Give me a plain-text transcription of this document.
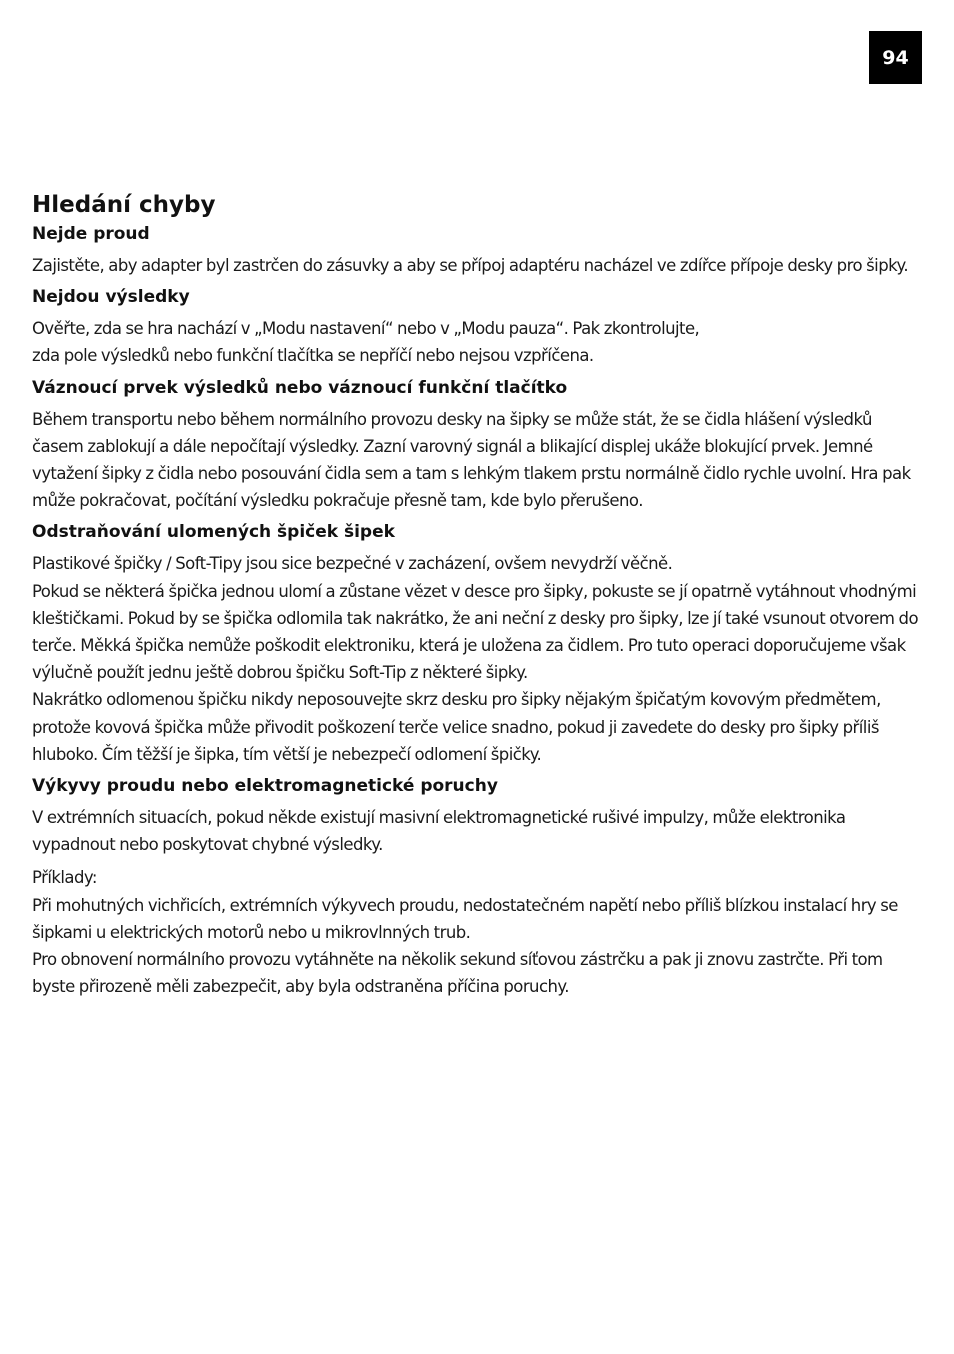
94
Hledání chyby
Nejde proud

Zajistěte, aby adapter byl zastrčen do zásuvky a aby se přípoj adaptéru nacházel ve zdířce přípoje desky pro šipky.

Nejdou výsledky

Ověřte, zda se hra nachází v „Modu nastavení“ nebo v „Modu pauza“. Pak zkontrolujte,
zda pole výsledků nebo funkční tlačítka se nepříčí nebo nejsou vzpříčena.

Váznoucí prvek výsledků nebo váznoucí funkční tlačítko

Během transportu nebo během normálního provozu desky na šipky se může stát, že se čidla hlášení výsledků časem zablokují a dále nepočítají výsledky. Zazní varovný signál a blikající displej ukáže blokující prvek. Jemné vytažení šipky z čidla nebo posouvání čidla sem a tam s lehkým tlakem prstu normálně čidlo rychle uvolní. Hra pak může pokračovat, počítání výsledku pokračuje přesně tam, kde bylo přerušeno.

Odstraňování ulomených špiček šipek

Plastikové špičky / Soft-Tipy jsou sice bezpečné v zacházení, ovšem nevydrží věčně.
Pokud se některá špička jednou ulomí a zůstane vězet v desce pro šipky, pokuste se jí opatrně vytáhnout vhodnými kleštičkami. Pokud by se špička odlomila tak nakrátko, že ani neční z desky pro šipky, lze jí také vsunout otvorem do terče. Měkká špička nemůže poškodit elektroniku, která je uložena za čidlem. Pro tuto operaci doporučujeme však výlučně použít jednu ještě dobrou špičku Soft-Tip z některé šipky.
Nakrátko odlomenou špičku nikdy neposouvejte skrz desku pro šipky nějakým špičatým kovovým předmětem, protože kovová špička může přivodit poškození terče velice snadno, pokud ji zavedete do desky pro šipky příliš hluboko. Čím těžší je šipka, tím větší je nebezpečí odlomení špičky.

Výkyvy proudu nebo elektromagnetické poruchy

V extrémních situacích, pokud někde existují masivní elektromagnetické rušivé impulzy, může elektronika vypadnout nebo poskytovat chybné výsledky.

Příklady:
Při mohutných vichřicích, extrémních výkyvech proudu, nedostatečném napětí nebo příliš blízkou instalací hry se šipkami u elektrických motorů nebo u mikrovlnných trub.
Pro obnovení normálního provozu vytáhněte na několik sekund síťovou zástrčku a pak ji znovu zastrčte. Při tom byste přirozeně měli zabezpečit, aby byla odstraněna příčina poruchy.
